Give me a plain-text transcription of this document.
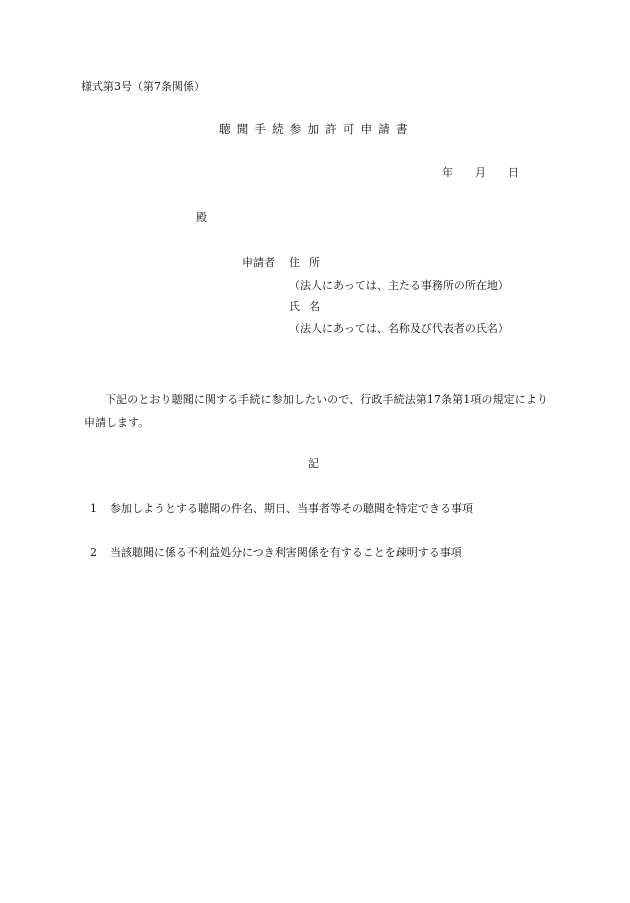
様式第3号（第7条関係）
聴聞手続参加許可申請書
年 月 日
殿
申請者 住所
（法人にあっては、主たる事務所の所在地）
氏名
（法人にあっては、名称及び代表者の氏名）
下記のとおり聴聞に関する手続に参加したいので、行政手続法第17条第1項の規定により申請します。
記
1 参加しようとする聴聞の件名、期日、当事者等その聴聞を特定できる事項
2 当該聴聞に係る不利益処分につき利害関係を有することを疎明する事項
